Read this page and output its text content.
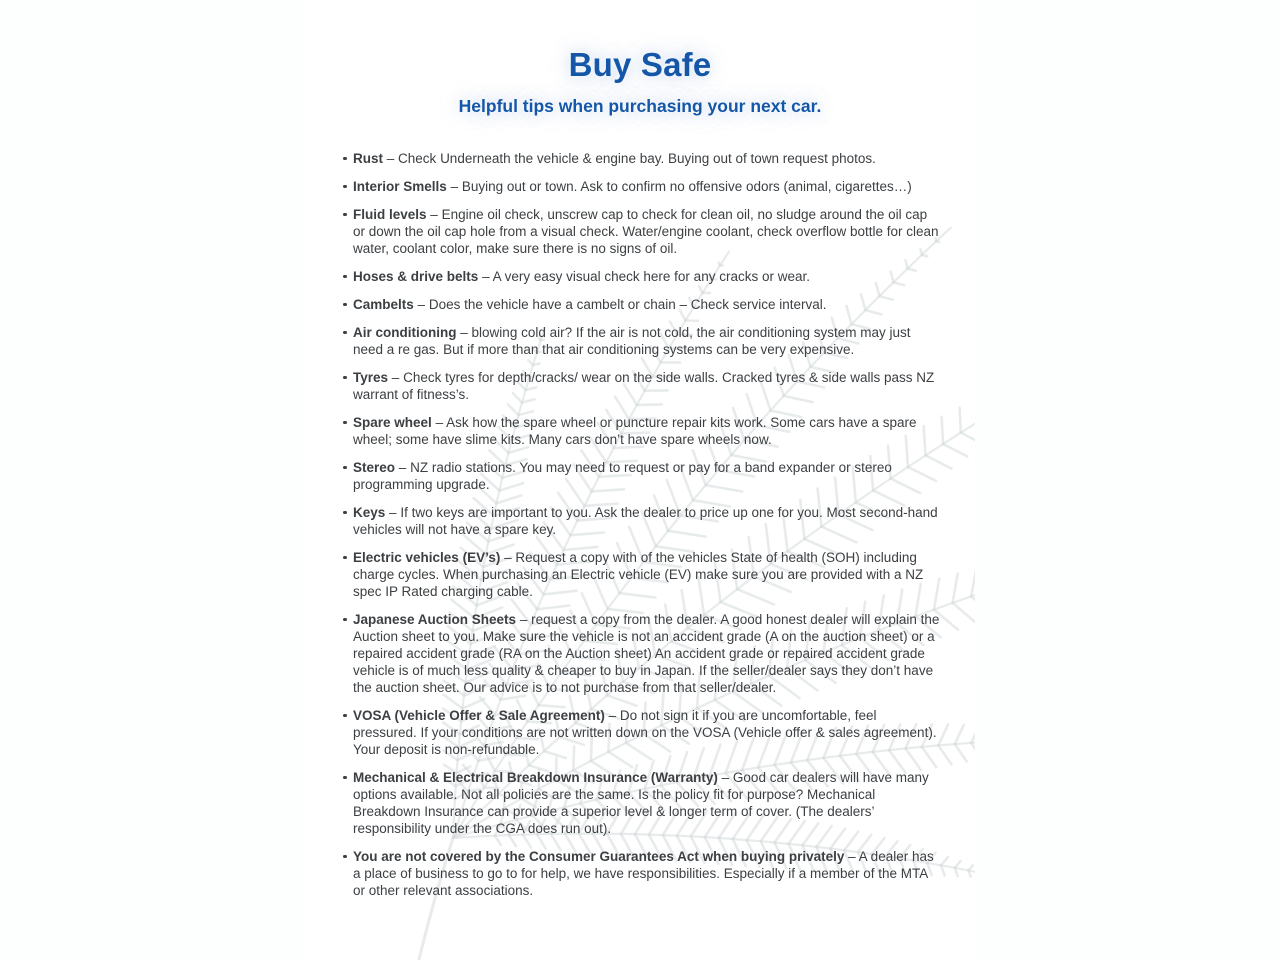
Buy Safe
Helpful tips when purchasing your next car.
Rust – Check Underneath the vehicle & engine bay. Buying out of town request photos.
Interior Smells – Buying out or town. Ask to confirm no offensive odors (animal, cigarettes…)
Fluid levels – Engine oil check, unscrew cap to check for clean oil, no sludge around the oil cap or down the oil cap hole from a visual check. Water/engine coolant, check overflow bottle for clean water, coolant color, make sure there is no signs of oil.
Hoses & drive belts – A very easy visual check here for any cracks or wear.
Cambelts – Does the vehicle have a cambelt or chain – Check service interval.
Air conditioning – blowing cold air? If the air is not cold, the air conditioning system may just need a re gas. But if more than that air conditioning systems can be very expensive.
Tyres – Check tyres for depth/cracks/ wear on the side walls. Cracked tyres & side walls pass NZ warrant of fitness’s.
Spare wheel – Ask how the spare wheel or puncture repair kits work. Some cars have a spare wheel; some have slime kits. Many cars don’t have spare wheels now.
Stereo – NZ radio stations. You may need to request or pay for a band expander or stereo programming upgrade.
Keys – If two keys are important to you. Ask the dealer to price up one for you. Most second-hand vehicles will not have a spare key.
Electric vehicles (EV’s) – Request a copy with of the vehicles State of health (SOH) including charge cycles. When purchasing an Electric vehicle (EV) make sure you are provided with a NZ spec IP Rated charging cable.
Japanese Auction Sheets – request a copy from the dealer. A good honest dealer will explain the Auction sheet to you. Make sure the vehicle is not an accident grade (A on the auction sheet) or a repaired accident grade (RA on the Auction sheet) An accident grade or repaired accident grade vehicle is of much less quality & cheaper to buy in Japan. If the seller/dealer says they don’t have the auction sheet. Our advice is to not purchase from that seller/dealer.
VOSA (Vehicle Offer & Sale Agreement) – Do not sign it if you are uncomfortable, feel pressured. If your conditions are not written down on the VOSA (Vehicle offer & sales agreement). Your deposit is non-refundable.
Mechanical & Electrical Breakdown Insurance (Warranty) – Good car dealers will have many options available. Not all policies are the same. Is the policy fit for purpose? Mechanical Breakdown Insurance can provide a superior level & longer term of cover. (The dealers’ responsibility under the CGA does run out).
You are not covered by the Consumer Guarantees Act when buying privately – A dealer has a place of business to go to for help, we have responsibilities. Especially if a member of the MTA or other relevant associations.
